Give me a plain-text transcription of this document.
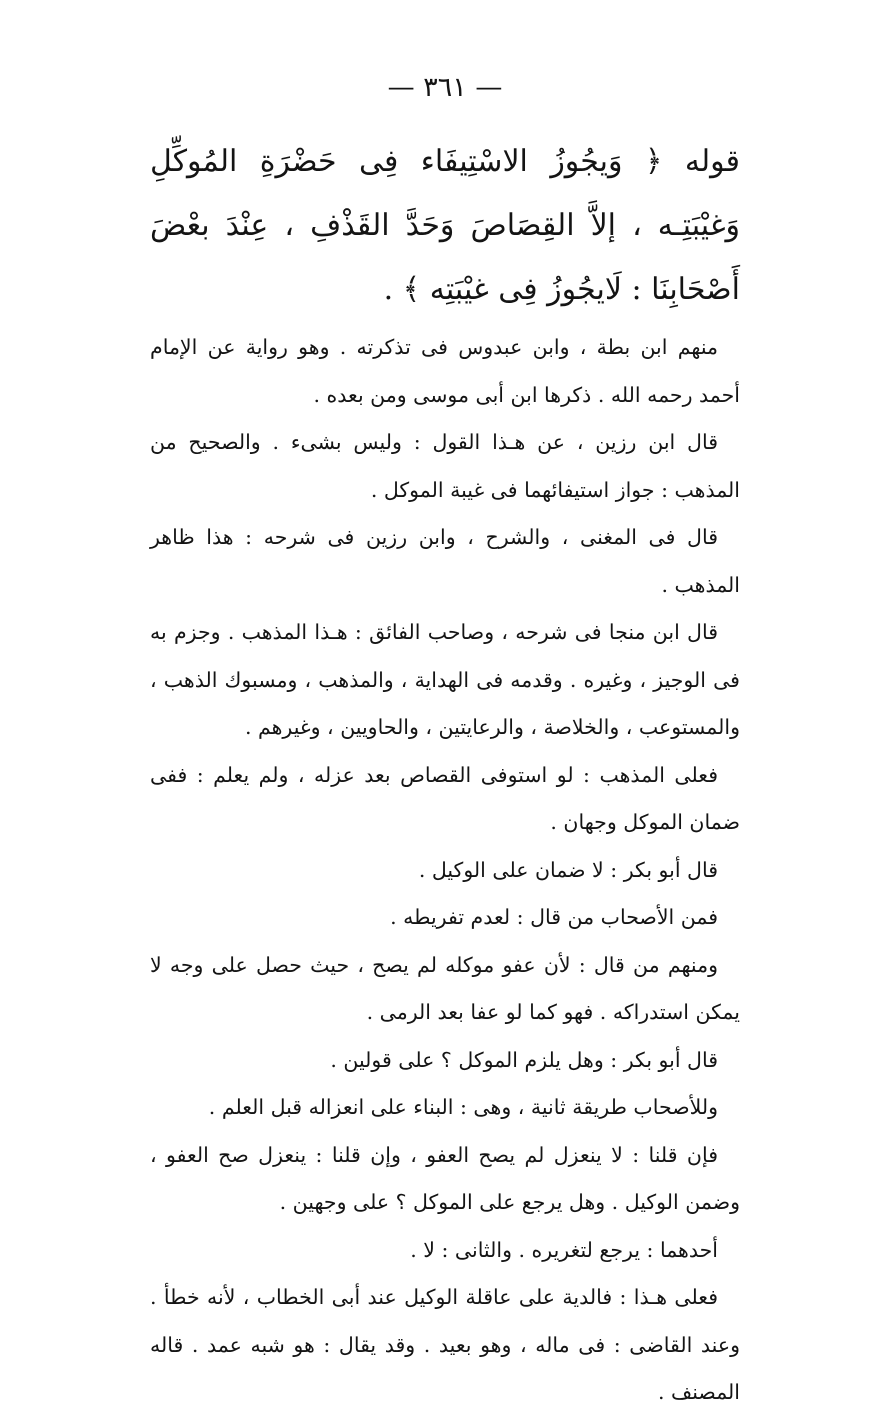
— ٣٦١ —

قوله ﴿ وَيجُوزُ الاسْتِيفَاء فِى حَضْرَةِ المُوكِّلِ وَغيْبَتِـه ، إلاَّ القِصَاصَ وَحَدَّ القَذْفِ ، عِنْدَ بعْضَ أَصْحَابِنَا : لَايجُوزُ فِى غيْبَتِه ﴾ .

منهم ابن بطة ، وابن عبدوس فى تذكرته . وهو رواية عن الإمام أحمد رحمه الله . ذكرها ابن أبى موسى ومن بعده .

قال ابن رزين ، عن هـذا القول : وليس بشىء . والصحيح من المذهب : جواز استيفائهما فى غيبة الموكل .

قال فى المغنى ، والشرح ، وابن رزين فى شرحه : هذا ظاهر المذهب .

قال ابن منجا فى شرحه ، وصاحب الفائق : هـذا المذهب . وجزم به فى الوجيز ، وغيره . وقدمه فى الهداية ، والمذهب ، ومسبوك الذهب ، والمستوعب ، والخلاصة ، والرعايتين ، والحاويين ، وغيرهم .

فعلى المذهب : لو استوفى القصاص بعد عزله ، ولم يعلم : ففى ضمان الموكل وجهان .

قال أبو بكر : لا ضمان على الوكيل .

فمن الأصحاب من قال : لعدم تفريطه .

ومنهم من قال : لأن عفو موكله لم يصح ، حيث حصل على وجه لا يمكن استدراكه . فهو كما لو عفا بعد الرمى .

قال أبو بكر : وهل يلزم الموكل ؟ على قولين .

وللأصحاب طريقة ثانية ، وهى : البناء على انعزاله قبل العلم .

فإن قلنا : لا ينعزل لم يصح العفو ، وإن قلنا : ينعزل صح العفو ، وضمن الوكيل . وهل يرجع على الموكل ؟ على وجهين .

أحدهما : يرجع لتغريره . والثانى : لا .

فعلى هـذا : فالدية على عاقلة الوكيل عند أبى الخطاب ، لأنه خطأ . وعند القاضى : فى ماله ، وهو بعيد . وقد يقال : هو شبه عمد . قاله المصنف .
